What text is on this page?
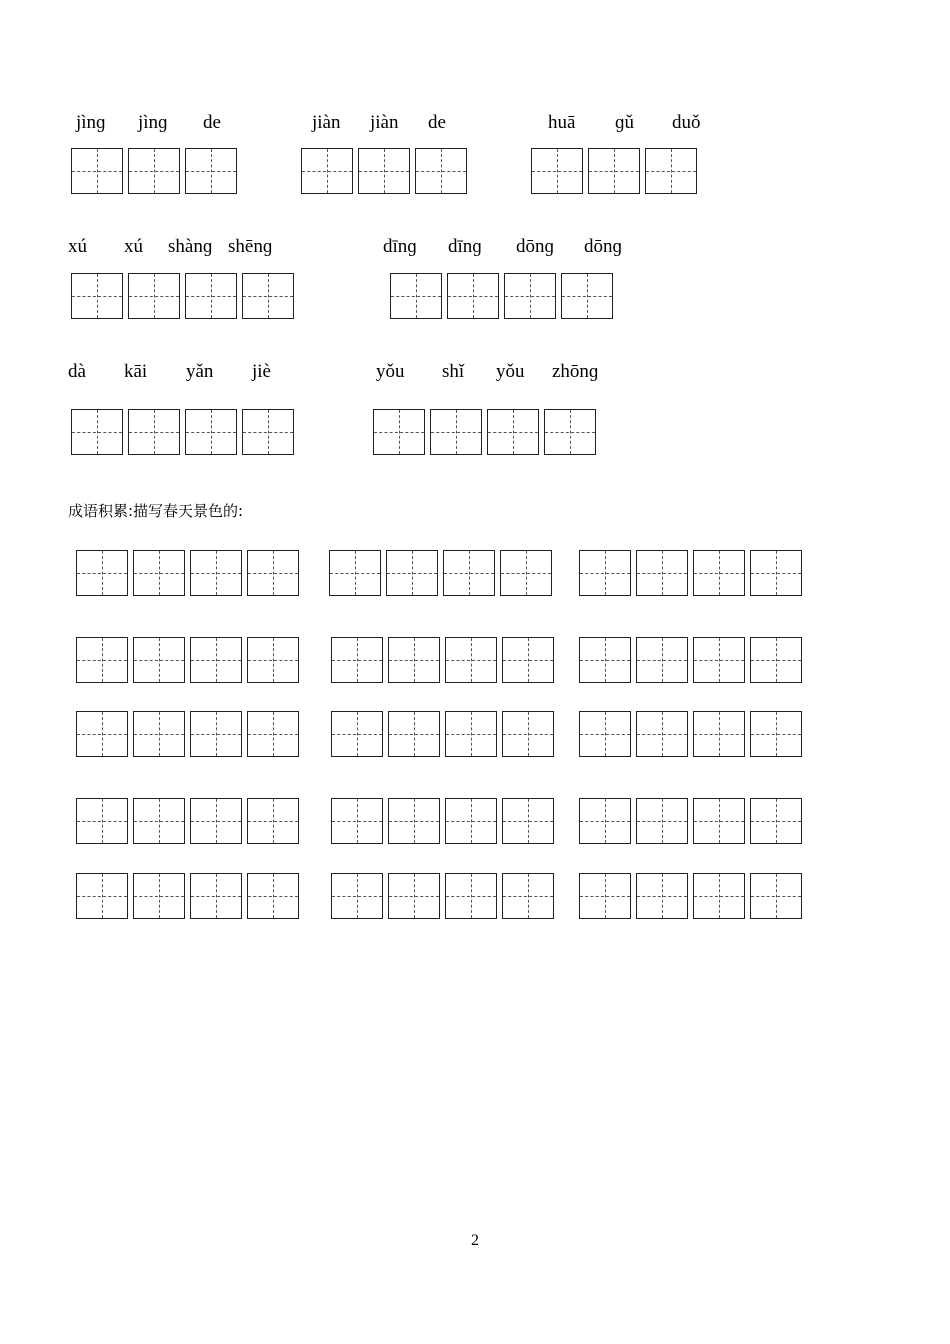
jìnɡ jìnɡ de	jiàn jiàn de	huā ɡǔ duǒ
xú xú shànɡ shēnɡ	dīnɡ dīnɡ dōnɡ dōnɡ
dà kāi yǎn jiè	yǒu shǐ yǒu zhōnɡ
成语积累:描写春天景色的:
2
